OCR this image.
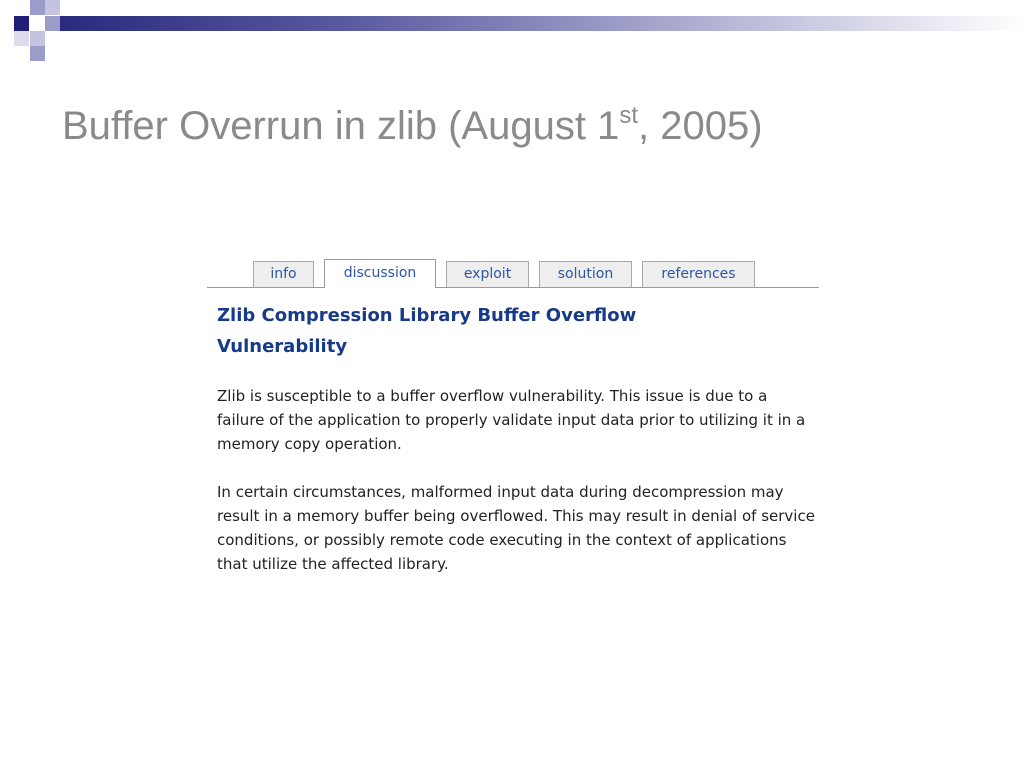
Buffer Overrun in zlib (August 1st, 2005)
info	discussion	exploit	solution	references
Zlib Compression Library Buffer Overflow Vulnerability
Zlib is susceptible to a buffer overflow vulnerability. This issue is due to a failure of the application to properly validate input data prior to utilizing it in a memory copy operation.
In certain circumstances, malformed input data during decompression may result in a memory buffer being overflowed. This may result in denial of service conditions, or possibly remote code executing in the context of applications that utilize the affected library.
